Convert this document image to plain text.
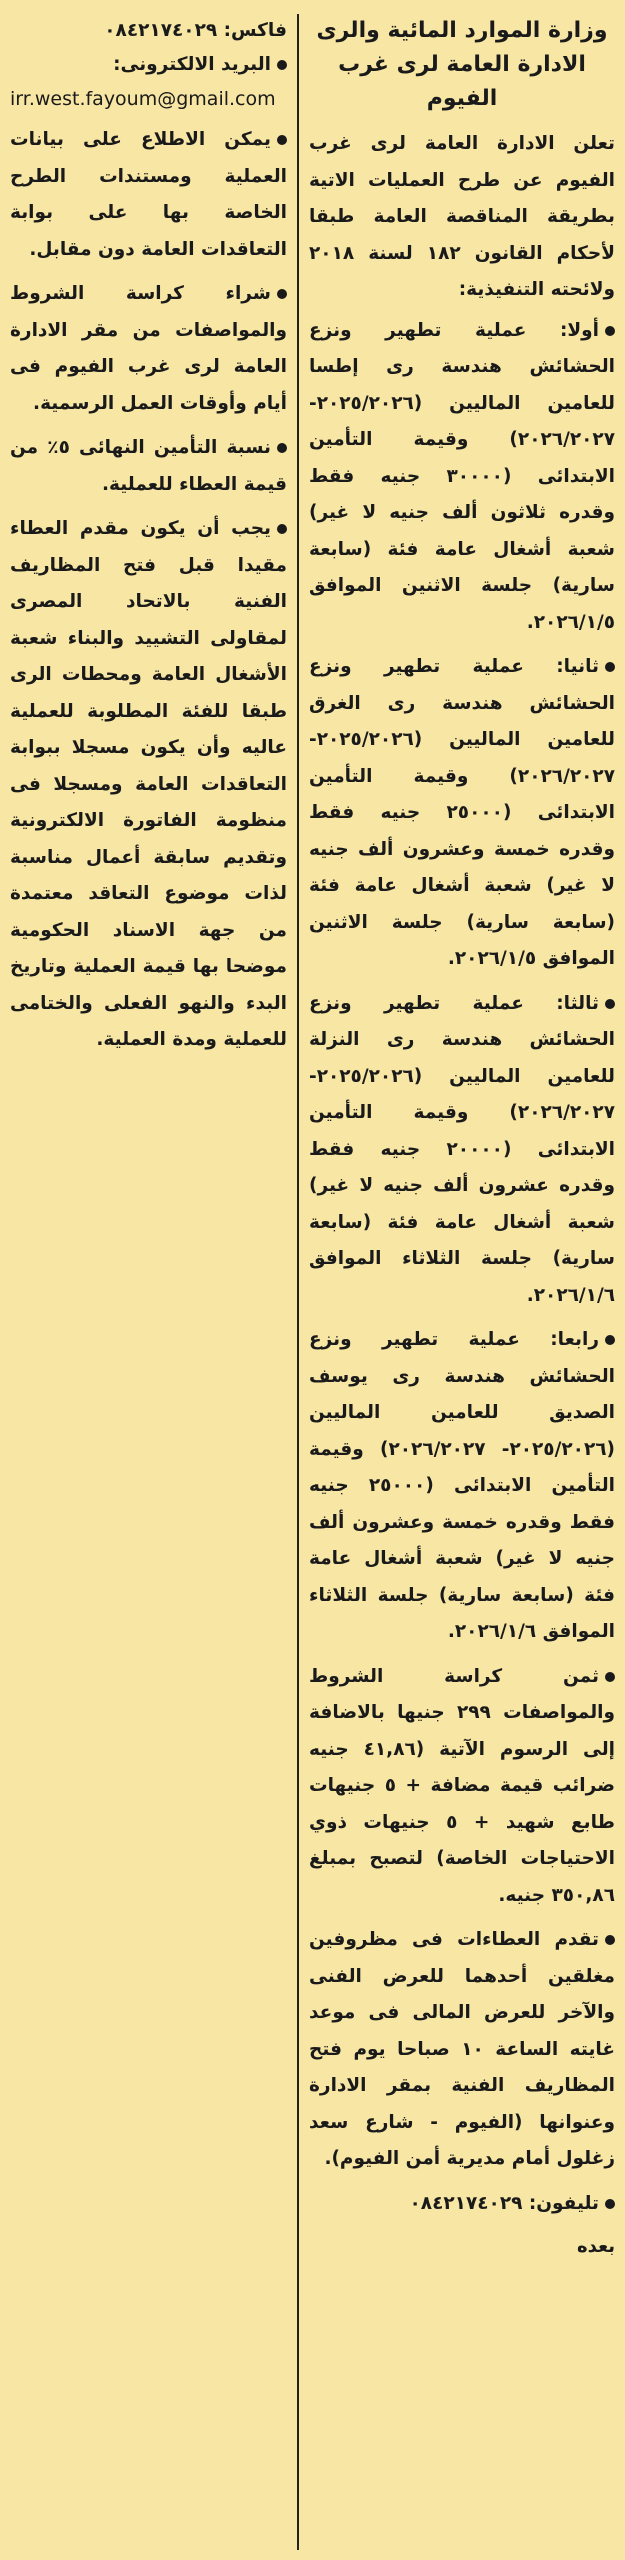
وزارة الموارد المائية والرى الادارة العامة لرى غرب الفيوم
تعلن الادارة العامة لرى غرب الفيوم عن طرح العمليات الاتية بطريقة المناقصة العامة طبقا لأحكام القانون ١٨٢ لسنة ٢٠١٨ ولائحته التنفيذية:
أولا: عملية تطهير ونزع الحشائش هندسة رى إطسا للعامين الماليين (٢٠٢٥/٢٠٢٦- ٢٠٢٦/٢٠٢٧) وقيمة التأمين الابتدائى (٣٠٠٠٠ جنيه فقط وقدره ثلاثون ألف جنيه لا غير) شعبة أشغال عامة فئة (سابعة سارية) جلسة الاثنين الموافق ٢٠٢٦/١/٥.
ثانيا: عملية تطهير ونزع الحشائش هندسة رى الغرق للعامين الماليين (٢٠٢٥/٢٠٢٦- ٢٠٢٦/٢٠٢٧) وقيمة التأمين الابتدائى (٢٥٠٠٠ جنيه فقط وقدره خمسة وعشرون ألف جنيه لا غير) شعبة أشغال عامة فئة (سابعة سارية) جلسة الاثنين الموافق ٢٠٢٦/١/٥.
ثالثا: عملية تطهير ونزع الحشائش هندسة رى النزلة للعامين الماليين (٢٠٢٥/٢٠٢٦- ٢٠٢٦/٢٠٢٧) وقيمة التأمين الابتدائى (٢٠٠٠٠ جنيه فقط وقدره عشرون ألف جنيه لا غير) شعبة أشغال عامة فئة (سابعة سارية) جلسة الثلاثاء الموافق ٢٠٢٦/١/٦.
رابعا: عملية تطهير ونزع الحشائش هندسة رى يوسف الصديق للعامين الماليين (٢٠٢٥/٢٠٢٦- ٢٠٢٦/٢٠٢٧) وقيمة التأمين الابتدائى (٢٥٠٠٠ جنيه فقط وقدره خمسة وعشرون ألف جنيه لا غير) شعبة أشغال عامة فئة (سابعة سارية) جلسة الثلاثاء الموافق ٢٠٢٦/١/٦.
ثمن كراسة الشروط والمواصفات ٢٩٩ جنيها بالاضافة إلى الرسوم الآتية (٤١,٨٦ جنيه ضرائب قيمة مضافة + ٥ جنيهات طابع شهيد + ٥ جنيهات ذوي الاحتياجات الخاصة) لتصبح بمبلغ ٣٥٠,٨٦ جنيه.
تقدم العطاءات فى مظروفين مغلقين أحدهما للعرض الفنى والآخر للعرض المالى فى موعد غايته الساعة ١٠ صباحا يوم فتح المظاريف الفنية بمقر الادارة وعنوانها (الفيوم - شارع سعد زغلول أمام مديرية أمن الفيوم).
تليفون: ٠٨٤٢١٧٤٠٢٩
بعده
فاكس: ٠٨٤٢١٧٤٠٢٩
البريد الالكترونى:
irr.west.fayoum@gmail.com
يمكن الاطلاع على بيانات العملية ومستندات الطرح الخاصة بها على بوابة التعاقدات العامة دون مقابل.
شراء كراسة الشروط والمواصفات من مقر الادارة العامة لرى غرب الفيوم فى أيام وأوقات العمل الرسمية.
نسبة التأمين النهائى ٥٪ من قيمة العطاء للعملية.
يجب أن يكون مقدم العطاء مقيدا قبل فتح المظاريف الفنية بالاتحاد المصرى لمقاولى التشييد والبناء شعبة الأشغال العامة ومحطات الرى طبقا للفئة المطلوبة للعملية عاليه وأن يكون مسجلا ببوابة التعاقدات العامة ومسجلا فى منظومة الفاتورة الالكترونية وتقديم سابقة أعمال مناسبة لذات موضوع التعاقد معتمدة من جهة الاسناد الحكومية موضحا بها قيمة العملية وتاريخ البدء والنهو الفعلى والختامى للعملية ومدة العملية.
